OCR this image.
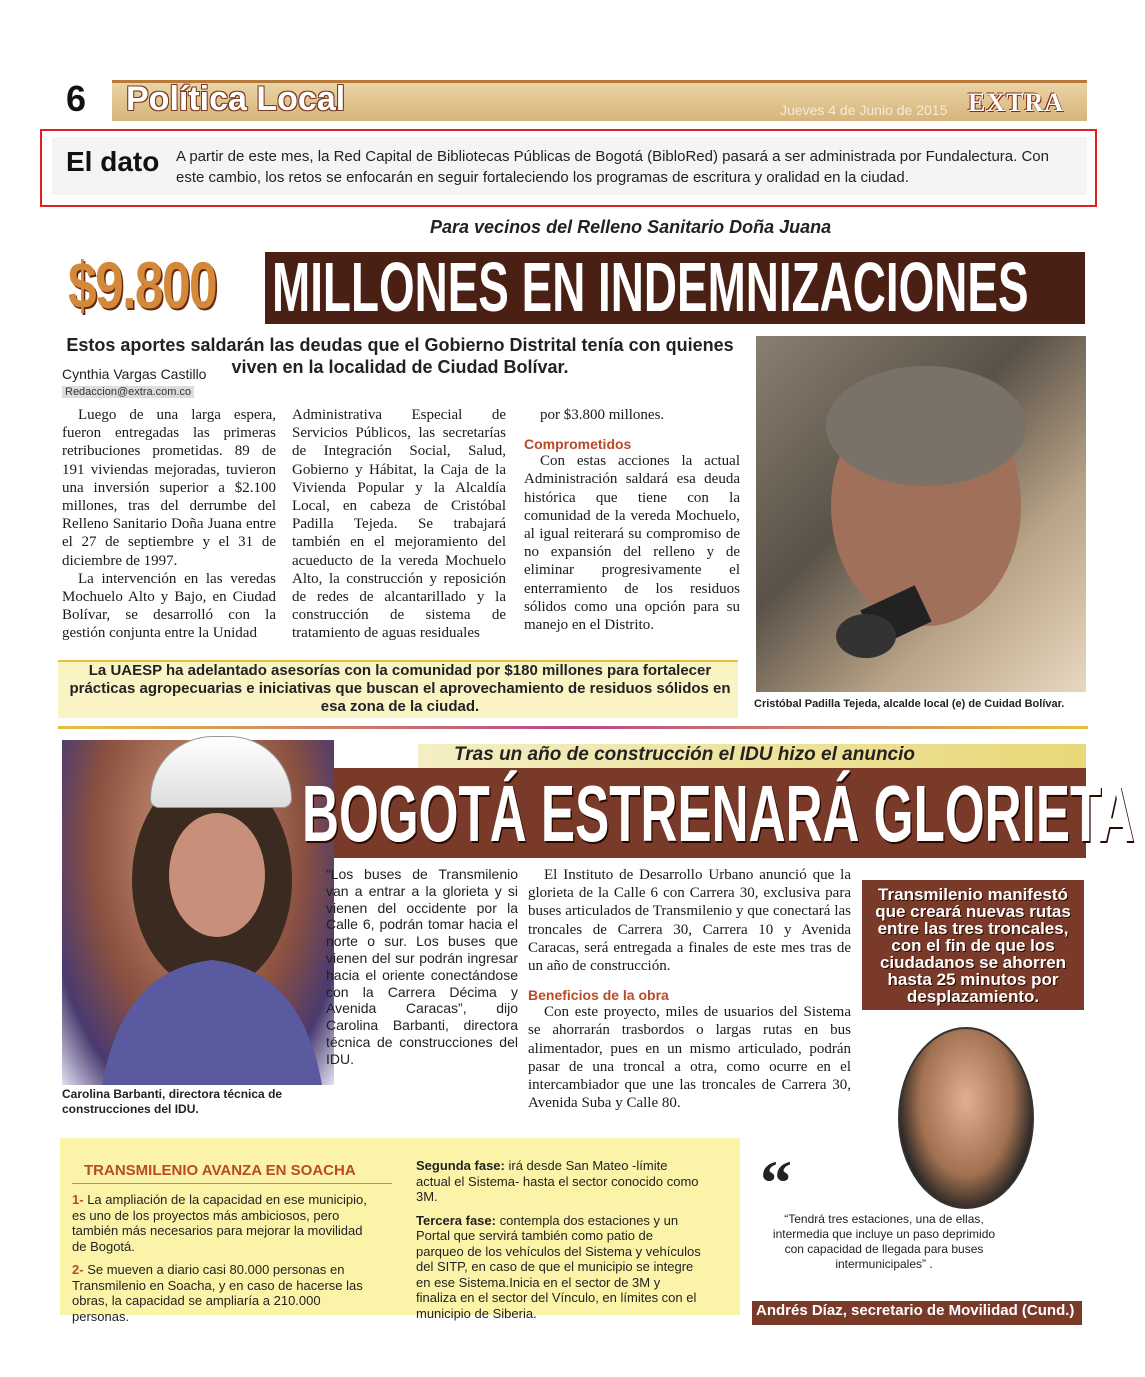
6 Política Local	Jueves 4 de Junio de 2015 EXTRA
El dato A partir de este mes, la Red Capital de Bibliotecas Públicas de Bogotá (BibloRed) pasará a ser administrada por Fundalectura. Con este cambio, los retos se enfocarán en seguir fortaleciendo los programas de escritura y oralidad en la ciudad.
Para vecinos del Relleno Sanitario Doña Juana
$9.800 MILLONES EN INDEMNIZACIONES
Estos aportes saldarán las deudas que el Gobierno Distrital tenía con quienes viven en la localidad de Ciudad Bolívar.
Cynthia Vargas Castillo
Redaccion@extra.com.co

Luego de una larga espera, fueron entregadas las primeras retribuciones prometidas. 89 de 191 viviendas mejoradas, tuvieron una inversión superior a $2.100 millones, tras del derrumbe del Relleno Sanitario Doña Juana entre el 27 de septiembre y el 31 de diciembre de 1997.

La intervención en las veredas Mochuelo Alto y Bajo, en Ciudad Bolívar, se desarrolló con la gestión conjunta entre la Unidad

Administrativa Especial de Servicios Públicos, las secretarías de Integración Social, Salud, Gobierno y Hábitat, la Caja de la Vivienda Popular y la Alcaldía Local, en cabeza de Cristóbal Padilla Tejeda. Se trabajará también en el mejoramiento del acueducto de la vereda Mochuelo Alto, la construcción y reposición de redes de alcantarillado y la construcción de sistema de tratamiento de aguas residuales

por $3.800 millones.

Comprometidos

Con estas acciones la actual Administración saldará esa deuda histórica que tiene con la comunidad de la vereda Mochuelo, al igual reiterará su compromiso de no expansión del relleno y de eliminar progresivamente el enterramiento de los residuos sólidos como una opción para su manejo en el Distrito.

Cristóbal Padilla Tejeda, alcalde local (e) de Cuidad Bolívar.
La UAESP ha adelantado asesorías con la comunidad por $180 millones para fortalecer prácticas agropecuarias e iniciativas que buscan el aprovechamiento de residuos sólidos en esa zona de la ciudad.
Tras un año de construcción el IDU hizo el anuncio
BOGOTÁ ESTRENARÁ GLORIETA
Carolina Barbanti, directora técnica de construcciones del IDU.
“Los buses de Transmilenio van a entrar a la glorieta y si vienen del occidente por la Calle 6, podrán tomar hacia el norte o sur. Los buses que vienen del sur podrán ingresar hacia el oriente conectándose con la Carrera Décima y Avenida Caracas”, dijo Carolina Barbanti, directora técnica de construcciones del IDU.

El Instituto de Desarrollo Urbano anunció que la glorieta de la Calle 6 con Carrera 30, exclusiva para buses articulados de Transmilenio y que conectará las troncales de Carrera 30, Carrera 10 y Avenida Caracas, será entregada a finales de este mes tras de un año de construcción.

Beneficios de la obra

Con este proyecto, miles de usuarios del Sistema se ahorrarán trasbordos o largas rutas en bus alimentador, pues en un mismo articulado, podrán pasar de una troncal a otra, como ocurre en el intercambiador que une las troncales de Carrera 30, Avenida Suba y Calle 80.

Transmilenio manifestó que creará nuevas rutas entre las tres troncales, con el fin de que los ciudadanos se ahorren hasta 25 minutos por desplazamiento.
TRANSMILENIO AVANZA EN SOACHA

1- La ampliación de la capacidad en ese municipio, es uno de los proyectos más ambiciosos, pero también más necesarios para mejorar la movilidad de Bogotá.

2- Se mueven a diario casi 80.000 personas en Transmilenio en Soacha, y en caso de hacerse las obras, la capacidad se ampliaría a 210.000 personas.

Segunda fase: irá desde San Mateo -límite actual el Sistema- hasta el sector conocido como 3M.

Tercera fase: contempla dos estaciones y un Portal que servirá también como patio de parqueo de los vehículos del Sistema y vehículos del SITP, en caso de que el municipio se integre en ese Sistema.Inicia en el sector de 3M y finaliza en el sector del Vínculo, en límites con el municipio de Siberia.

“
“Tendrá tres estaciones, una de ellas, intermedia que incluye un paso deprimido con capacidad de llegada para buses intermunicipales” .
Andrés Díaz, secretario de Movilidad (Cund.)
